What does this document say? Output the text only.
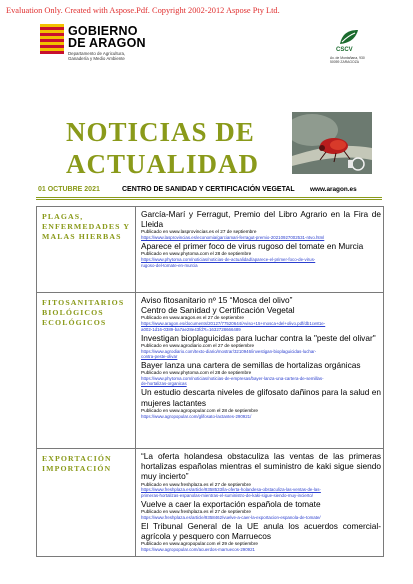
Evaluation Only. Created with Aspose.Pdf. Copyright 2002-2012 Aspose Pty Ltd.
GOBIERNO
DE ARAGON
Departamento de Agricultura,
Ganadería y Medio Ambiente
CSCV
Av. de Montañana, 930
50059 ZARAGOZA
NOTICIAS DE
ACTUALIDAD
01 OCTUBRE 2021	CENTRO DE SANIDAD Y CERTIFICACIÓN VEGETAL www.aragon.es
PLAGAS,
ENFERMEDADES Y
MALAS HIERBAS
García-Marí y Ferragut, Premio del Libro Agrario en la Fira de
Lleida
Publicado en www.lasprovincias.es el 27 de septiembre
https://www.lasprovincias.es/economia/garciamari-ferragut-premio-20210927002531-ntvo.html
Aparece el primer foco de virus rugoso del tomate en Murcia
Publicado en www.phytoma.com el 28 de septiembre
https://www.phytoma.com/noticias/noticias-de-actualidad/aparece-el-primer-foco-de-virus-
rugoso-del-tomate-en-murcia
FITOSANITARIOS
BIOLÓGICOS
ECOLÓGICOS
Aviso fitosanitario nº 15 “Mosca del olivo”
Centro de Sanidad y Certificación Vegetal
Publicado en www.aragon.es el 27 de septiembre
https://www.aragon.es/documents/20127/77520644/Aviso+15+mosca+del+olivo.pdf/db1ce81e-
a002-1d16-0389-ba7ae28e43fd?t=1632728666489
Investigan bioplaguicidas para luchar contra la "peste del olivar"
Publicado en www.agrodiario.com el 27 de septiembre
https://www.agrodiario.com/texto-diario/mostrar/3210946/investigan-bioplaguicidas-luchar-
contra-peste-olivar
Bayer lanza una cartera de semillas de hortalizas orgánicas
Publicado en www.phytoma.com el 28 de septiembre
https://www.phytoma.com/noticias/noticias-de-empresas/bayer-lanza-una-cartera-de-semillas-
de-hortalizas-organicas
Un estudio descarta niveles de glifosato dañinos para la salud en
mujeres lactantes
Publicado en www.agropopular.com el 28 de septiembre
https://www.agropopular.com/glifosato-lactantes-290921/
EXPORTACIÓN
IMPORTACIÓN
“La oferta holandesa obstaculiza las ventas de las primeras
hortalizas españolas mientras el suministro de kaki sigue siendo
muy incierto”
Publicado en www.freshplaza.es el 27 de septiembre
https://www.freshplaza.es/article/9358533/la-oferta-holandesa-obstaculiza-las-ventas-de-las-
primeras-hortalizas-espanolas-mientras-el-suministro-de-kaki-sigue-siendo-muy-incierto/
Vuelve a caer la exportación española de tomate
Publicado en www.freshplaza.es el 27 de septiembre
https://www.freshplaza.es/article/9358462/vuelve-a-caer-la-exportacion-espanola-de-tomate/
El Tribunal General de la UE anula los acuerdos comercial-
agrícola y pesquero con Marruecos
Publicado en www.agropopular.com el 29 de septiembre
https://www.agropopular.com/acuerdos-marruecos-290921
